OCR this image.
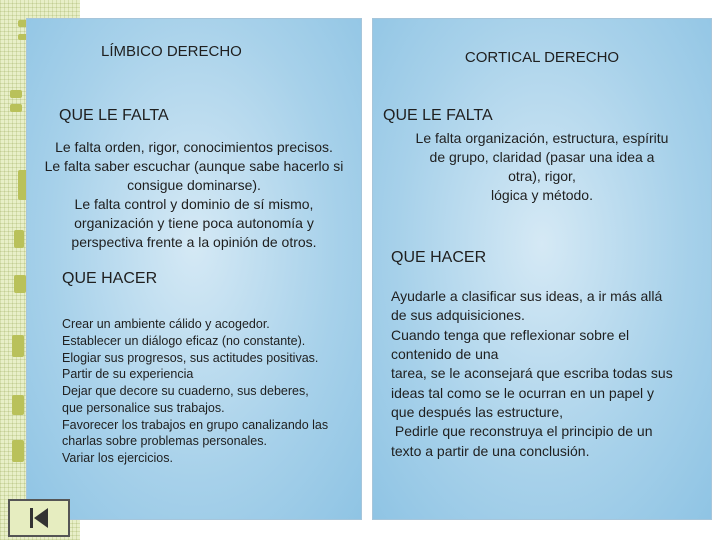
LÍMBICO DERECHO
QUE LE FALTA
Le falta orden, rigor, conocimientos precisos.
Le falta saber escuchar (aunque sabe hacerlo si
consigue dominarse).
Le falta control y dominio de sí mismo,
organización y tiene poca autonomía y
perspectiva frente a la opinión de otros.
QUE HACER
Crear un ambiente cálido y acogedor.
Establecer un diálogo eficaz (no constante).
Elogiar sus progresos, sus actitudes positivas.
Partir de su experiencia
Dejar que decore su cuaderno, sus deberes,
que personalice sus trabajos.
Favorecer los trabajos en grupo canalizando las
charlas sobre problemas personales.
Variar los ejercicios.
CORTICAL DERECHO
QUE LE FALTA
Le falta organización, estructura, espíritu
de grupo, claridad (pasar una idea a
otra), rigor,
lógica y método.
QUE HACER
Ayudarle a clasificar sus ideas, a ir más allá
de sus adquisiciones.
Cuando tenga que reflexionar sobre el
contenido de una
tarea, se le aconsejará que escriba todas sus
ideas tal como se le ocurran en un papel y
que después las estructure,
Pedirle que reconstruya el principio de un
texto a partir de una conclusión.
